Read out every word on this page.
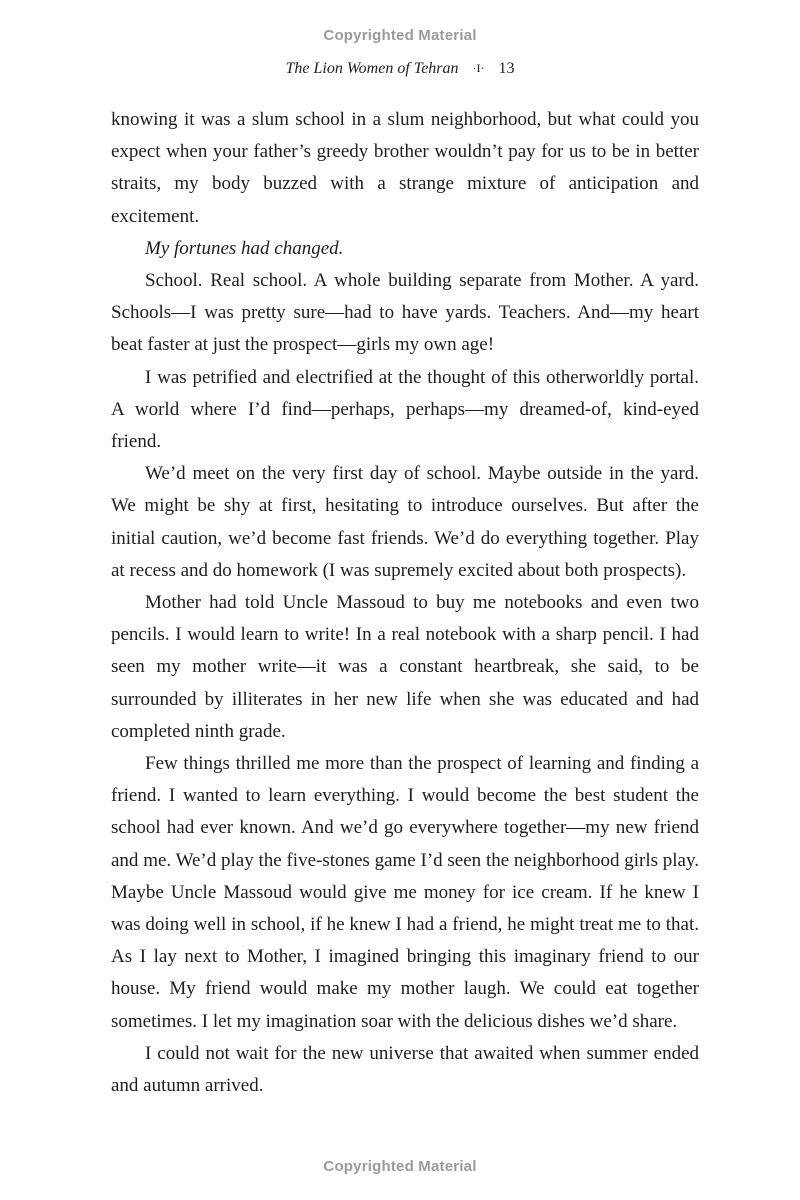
Copyrighted Material
The Lion Women of Tehran ·I· 13

knowing it was a slum school in a slum neighborhood, but what could you expect when your father’s greedy brother wouldn’t pay for us to be in better straits, my body buzzed with a strange mixture of anticipation and excitement.

My fortunes had changed.

School. Real school. A whole building separate from Mother. A yard. Schools—I was pretty sure—had to have yards. Teachers. And—my heart beat faster at just the prospect—girls my own age!

I was petrified and electrified at the thought of this otherworldly portal. A world where I’d find—perhaps, perhaps—my dreamed-of, kind-eyed friend.

We’d meet on the very first day of school. Maybe outside in the yard. We might be shy at first, hesitating to introduce ourselves. But after the initial caution, we’d become fast friends. We’d do everything together. Play at recess and do homework (I was supremely excited about both prospects).

Mother had told Uncle Massoud to buy me notebooks and even two pencils. I would learn to write! In a real notebook with a sharp pencil. I had seen my mother write—it was a constant heartbreak, she said, to be surrounded by illiterates in her new life when she was educated and had completed ninth grade.

Few things thrilled me more than the prospect of learning and finding a friend. I wanted to learn everything. I would become the best student the school had ever known. And we’d go everywhere together—my new friend and me. We’d play the five-stones game I’d seen the neighborhood girls play. Maybe Uncle Massoud would give me money for ice cream. If he knew I was doing well in school, if he knew I had a friend, he might treat me to that. As I lay next to Mother, I imagined bringing this imaginary friend to our house. My friend would make my mother laugh. We could eat together sometimes. I let my imagination soar with the delicious dishes we’d share.

I could not wait for the new universe that awaited when summer ended and autumn arrived.

Copyrighted Material
